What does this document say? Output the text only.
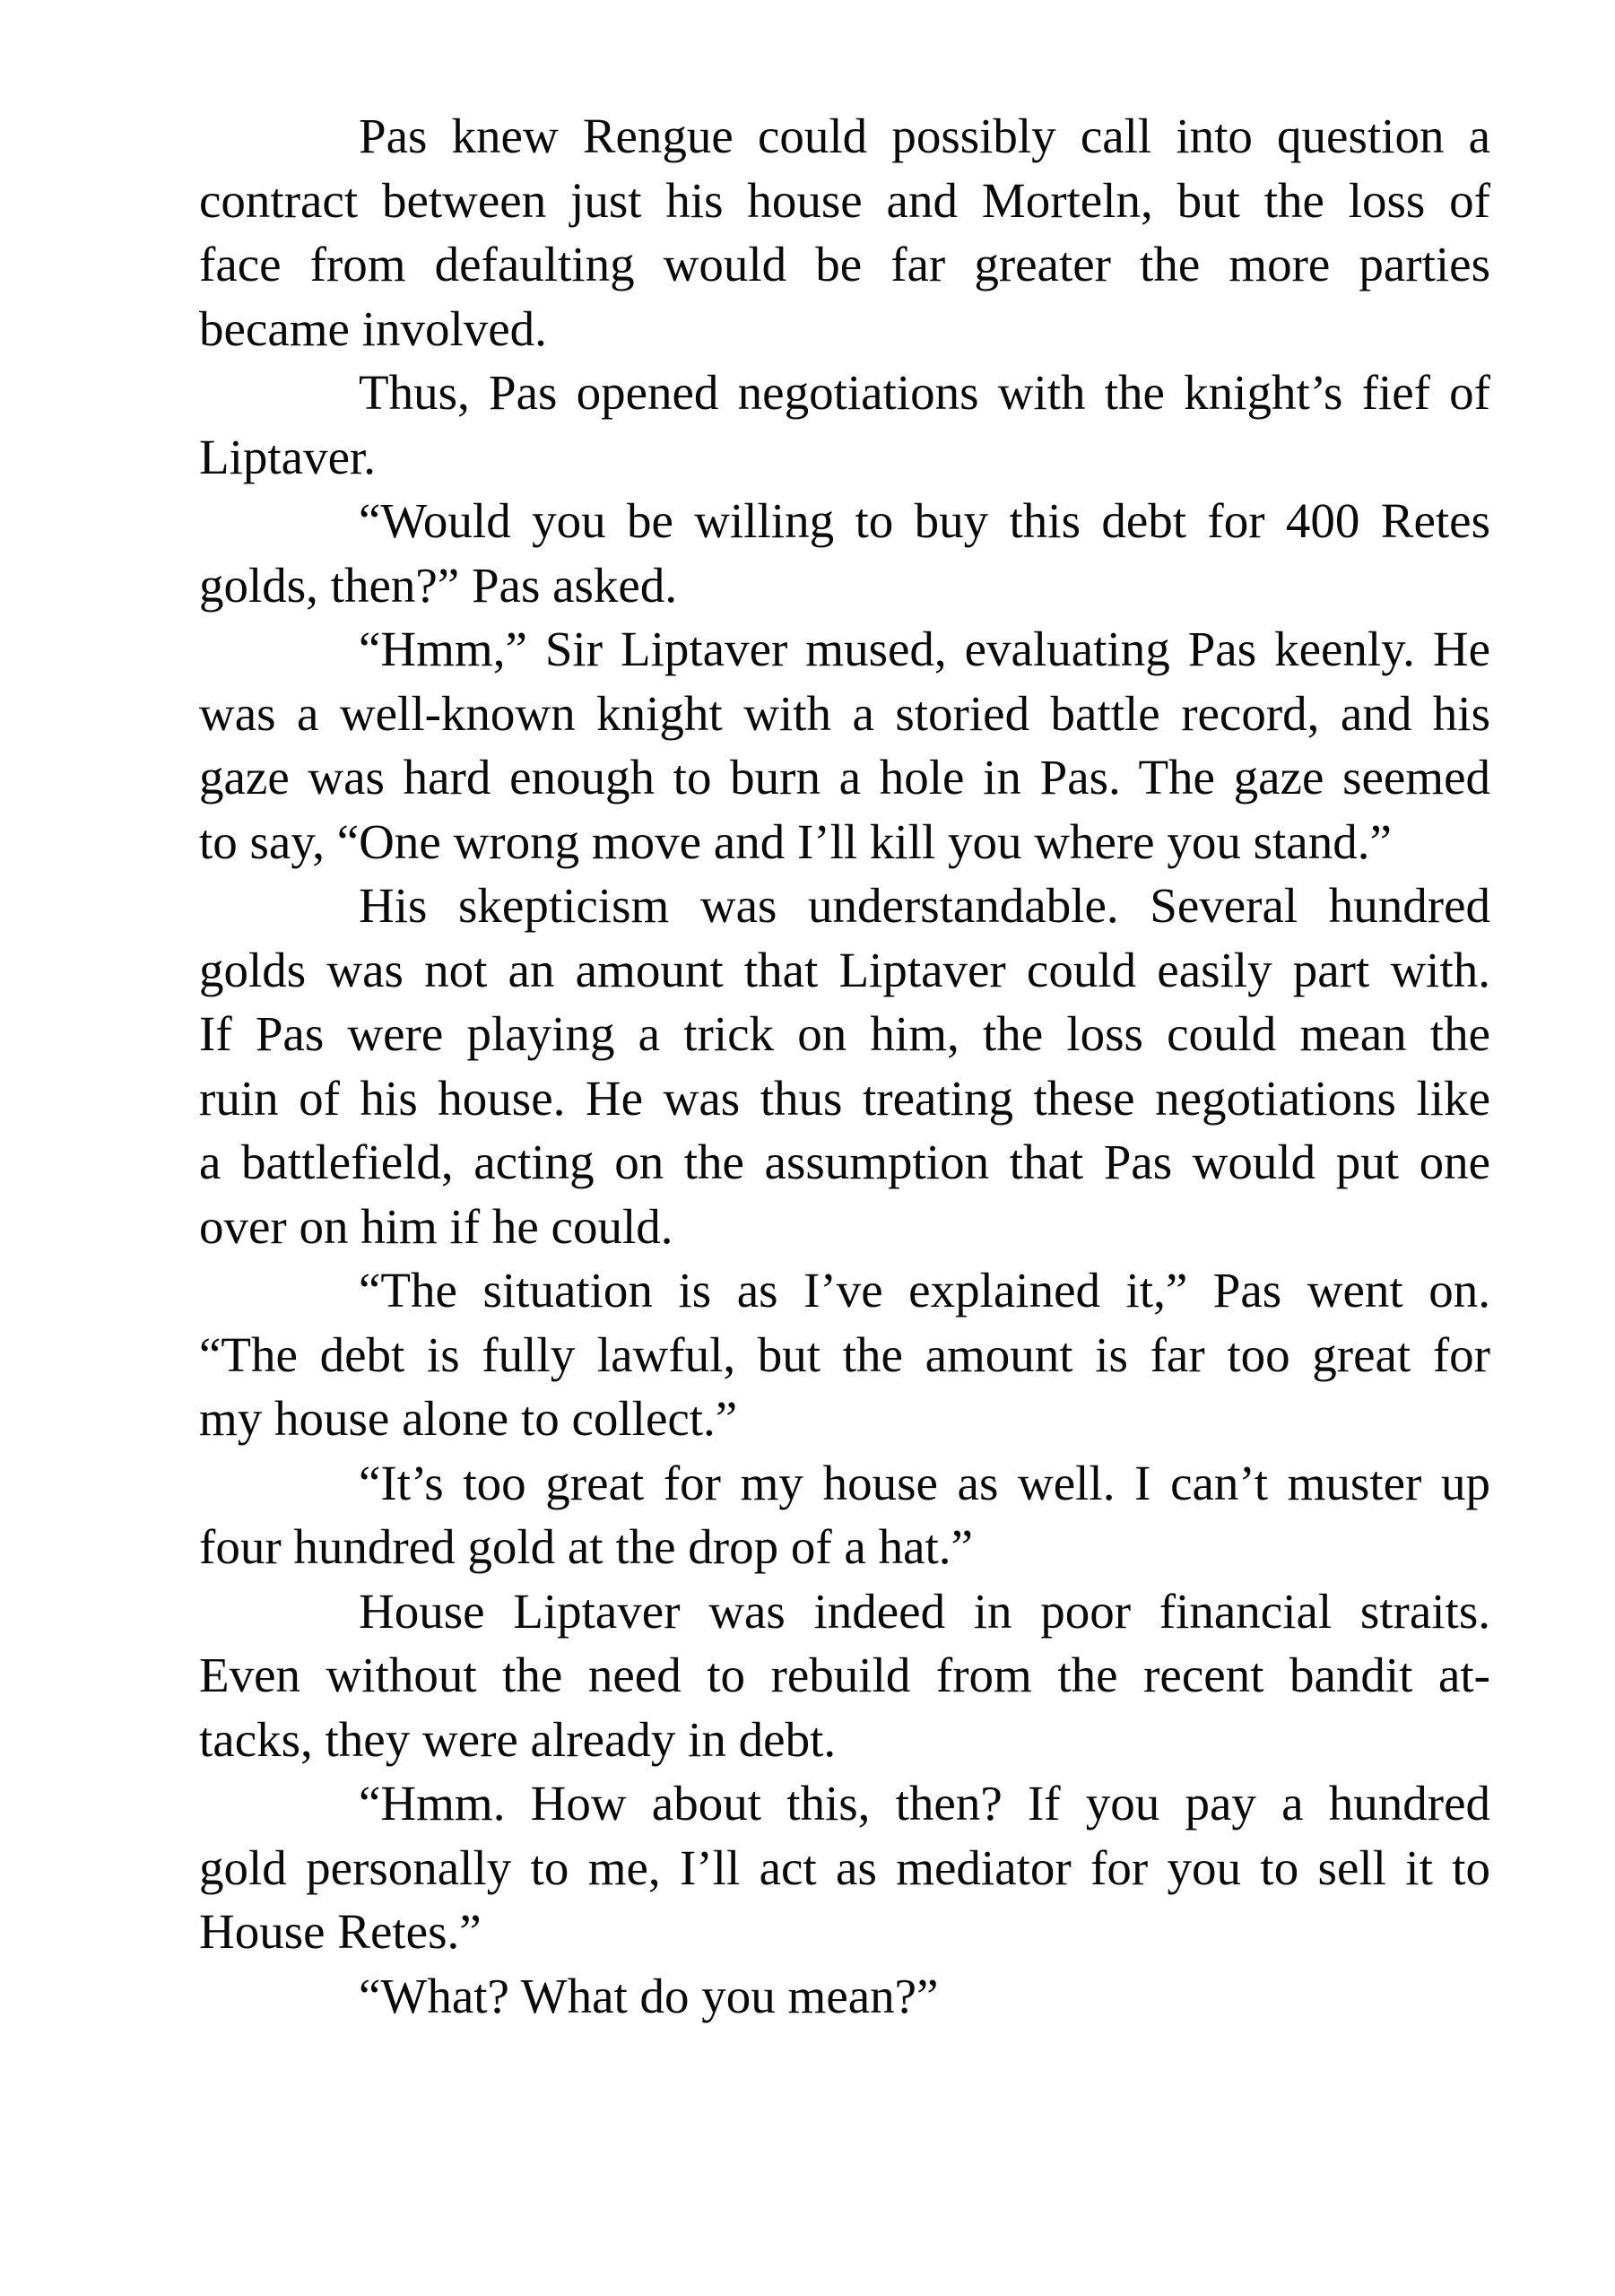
Pas knew Rengue could possibly call into question a
contract between just his house and Morteln, but the loss of
face from defaulting would be far greater the more parties
became involved.
Thus, Pas opened negotiations with the knight’s fief of
Liptaver.
“Would you be willing to buy this debt for 400 Retes
golds, then?” Pas asked.
“Hmm,” Sir Liptaver mused, evaluating Pas keenly. He
was a well-known knight with a storied battle record, and his
gaze was hard enough to burn a hole in Pas. The gaze seemed
to say, “One wrong move and I’ll kill you where you stand.”
His skepticism was understandable. Several hundred
golds was not an amount that Liptaver could easily part with.
If Pas were playing a trick on him, the loss could mean the
ruin of his house. He was thus treating these negotiations like
a battlefield, acting on the assumption that Pas would put one
over on him if he could.
“The situation is as I’ve explained it,” Pas went on.
“The debt is fully lawful, but the amount is far too great for
my house alone to collect.”
“It’s too great for my house as well. I can’t muster up
four hundred gold at the drop of a hat.”
House Liptaver was indeed in poor financial straits.
Even without the need to rebuild from the recent bandit at-
tacks, they were already in debt.
“Hmm. How about this, then? If you pay a hundred
gold personally to me, I’ll act as mediator for you to sell it to
House Retes.”
“What? What do you mean?”
